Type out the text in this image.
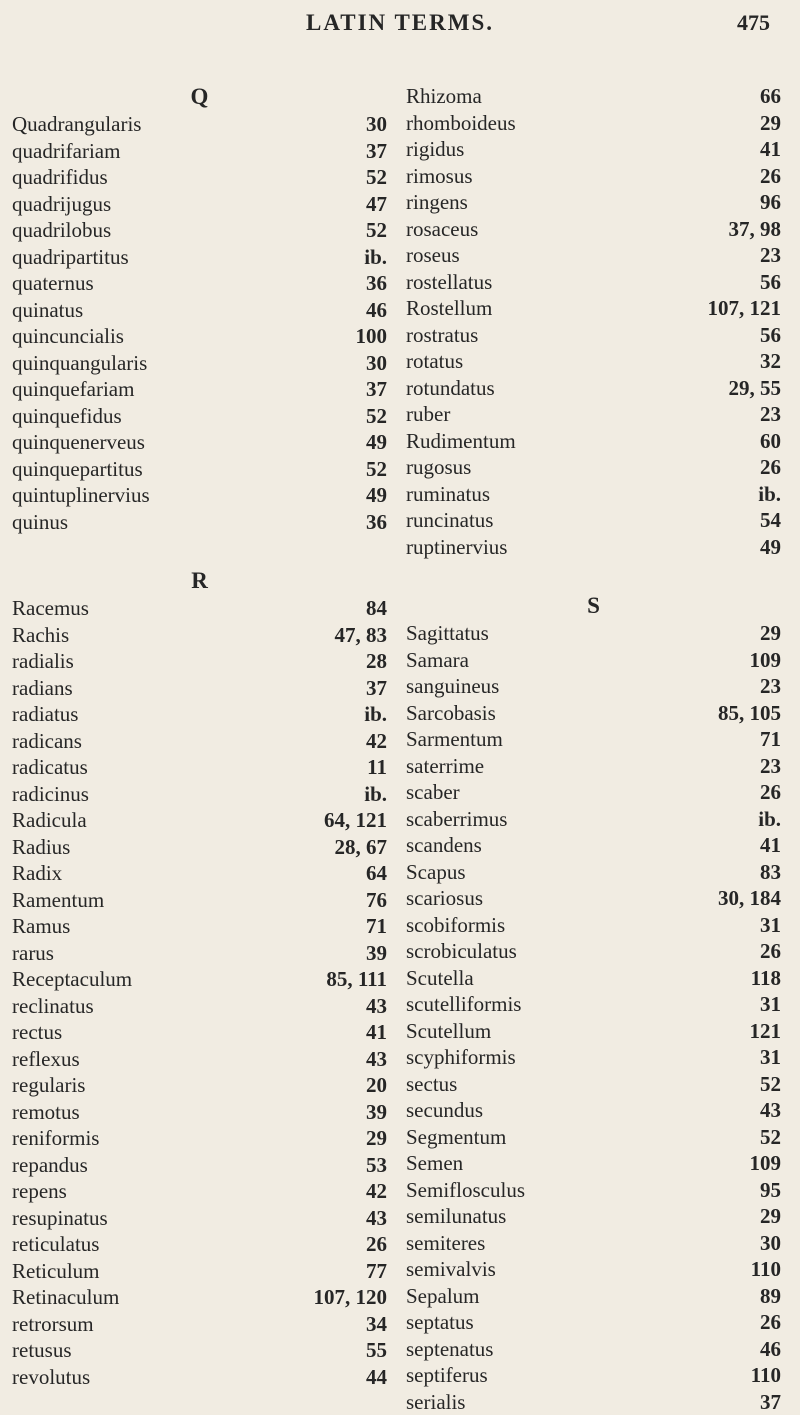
LATIN TERMS.	475
Q
Quadrangularis	30
quadrifariam	37
quadrifidus	52
quadrijugus	47
quadrilobus	52
quadripartitus	ib.
quaternus	36
quinatus	46
quincuncialis	100
quinquangularis	30
quinquefariam	37
quinquefidus	52
quinquenerveus	49
quinquepartitus	52
quintuplinervius	49
quinus	36
R
Racemus	84
Rachis	47, 83
radialis	28
radians	37
radiatus	ib.
radicans	42
radicatus	11
radicinus	ib.
Radicula	64, 121
Radius	28, 67
Radix	64
Ramentum	76
Ramus	71
rarus	39
Receptaculum	85, 111
reclinatus	43
rectus	41
reflexus	43
regularis	20
remotus	39
reniformis	29
repandus	53
repens	42
resupinatus	43
reticulatus	26
Reticulum	77
Retinaculum	107, 120
retrorsum	34
retusus	55
revolutus	44
Rhizoma	66
rhomboideus	29
rigidus	41
rimosus	26
ringens	96
rosaceus	37, 98
roseus	23
rostellatus	56
Rostellum	107, 121
rostratus	56
rotatus	32
rotundatus	29, 55
ruber	23
Rudimentum	60
rugosus	26
ruminatus	ib.
runcinatus	54
ruptinervius	49
S
Sagittatus	29
Samara	109
sanguineus	23
Sarcobasis	85, 105
Sarmentum	71
saterrime	23
scaber	26
scaberrimus	ib.
scandens	41
Scapus	83
scariosus	30, 184
scobiformis	31
scrobiculatus	26
Scutella	118
scutelliformis	31
Scutellum	121
scyphiformis	31
sectus	52
secundus	43
Segmentum	52
Semen	109
Semiflosculus	95
semilunatus	29
semiteres	30
semivalvis	110
Sepalum	89
septatus	26
septenatus	46
septiferus	110
serialis	37
